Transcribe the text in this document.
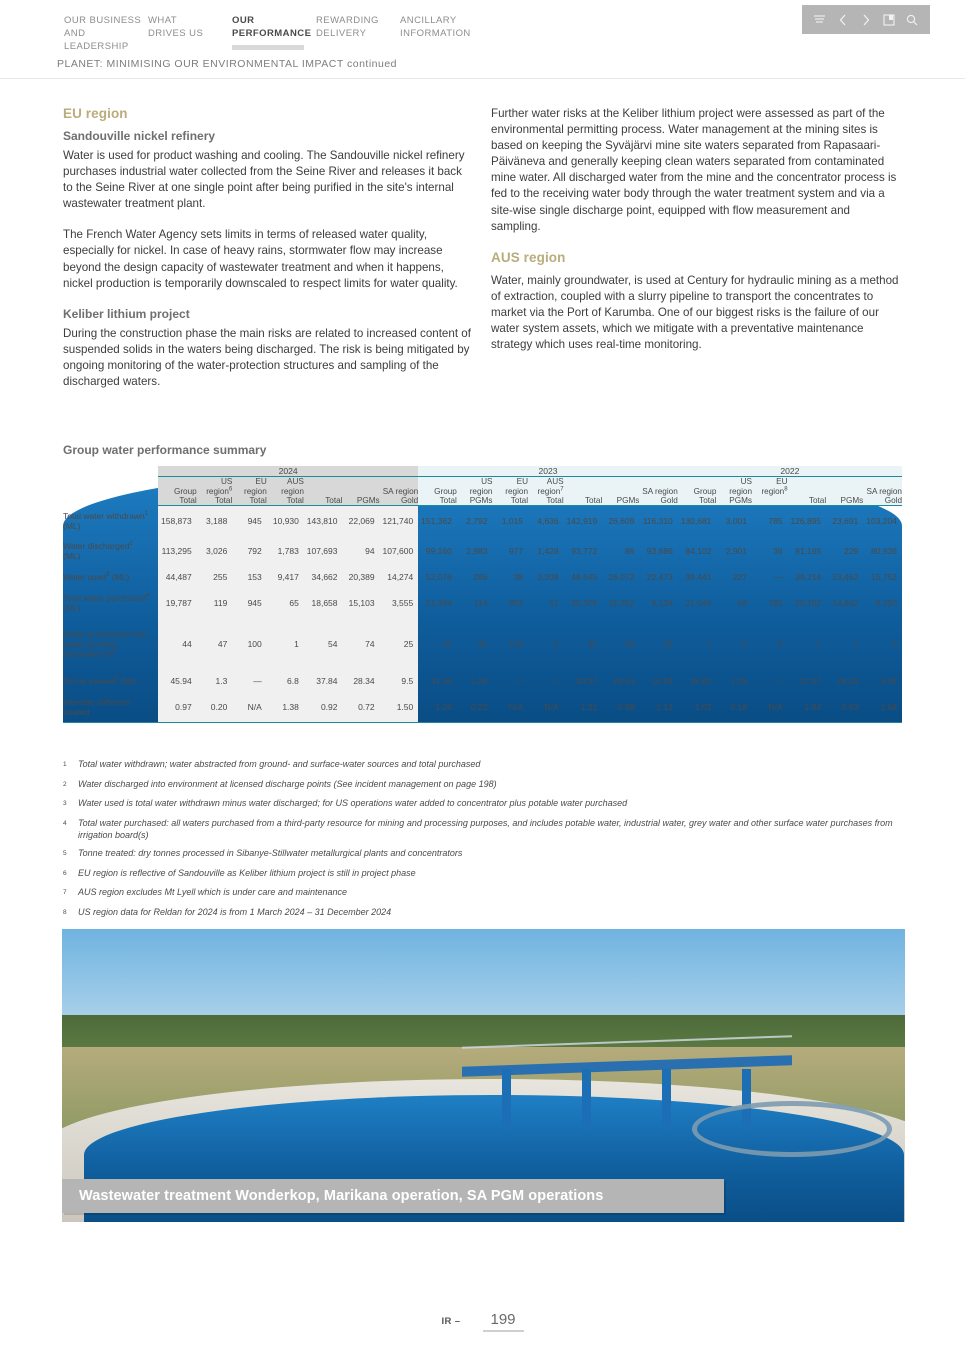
OUR BUSINESS
AND LEADERSHIP
WHAT
DRIVES US
OUR
PERFORMANCE
REWARDING
DELIVERY
ANCILLARY
INFORMATION
PLANET: MINIMISING OUR ENVIRONMENTAL IMPACT continued
EU region
Sandouville nickel refinery

Water is used for product washing and cooling. The Sandouville nickel refinery purchases industrial water collected from the Seine River and releases it back to the Seine River at one single point after being purified in the site's internal wastewater treatment plant.

The French Water Agency sets limits in terms of released water quality, especially for nickel. In case of heavy rains, stormwater flow may increase beyond the design capacity of wastewater treatment and when it happens, nickel production is temporarily downscaled to respect limits for water quality.

Keliber lithium project

During the construction phase the main risks are related to increased content of suspended solids in the waters being discharged. The risk is being mitigated by ongoing monitoring of the water-protection structures and sampling of the discharged waters.

Further water risks at the Keliber lithium project were assessed as part of the environmental permitting process. Water management at the mining sites is based on keeping the Syväjärvi mine site waters separated from Rapasaari-Päiväneva and generally keeping clean waters separated from contaminated mine water. All discharged water from the mine and the concentrator process is fed to the receiving water body through the water treatment system and via a site-wise single discharge point, equipped with flow measurement and sampling.

AUS region

Water, mainly groundwater, is used at Century for hydraulic mining as a method of extraction, coupled with a slurry pipeline to transport the concentrates to market via the Port of Karumba. One of our biggest risks is the failure of our water system assets, which we mitigate with a preventative maintenance strategy which uses real-time monitoring.

Group water performance summary
	2024							2023							2022					
	Group	US region$^6$	EU region	AUS region			SA region	Group	US region	EU region	AUS region$^7$			SA region	Group	US region	EU region$^8$			SA region
	Total	Total	Total	Total	Total	PGMs	Gold	Total	PGMs	Total	Total	Total	PGMs	Gold	Total	PGMs		Total	PGMs	Gold
Total water withdrawn$^1$
(ML)	158,873	3,188	945	10,930	143,810	22,069	121,740	151,362	2,792	1,015	4,636	142,919	26,609	116,310	130,681	3,001	785	126,895	23,691	103,204
Water discharged$^2$ (ML)	113,295	3,026	792	1,783	107,693	94	107,600	99,160	2,983	977	1,428	93,772	86	93,686	84,102	2,901	36	81,165	229	80,936
Water used$^3$ (ML)	44,487	255	153	9,417	34,662	20,389	14,274	52,076	286	38	3,208	48,545	26,072	22,473	39,441	227	—	39,214	23,462	15,752
Total water purchased$^4$
(ML)	19,787	119	945	65	18,658	15,103	3,555	21,394	114	853	51	20,376	15,252	5,124	21,046	69	785	20,192	14,842	5,350
Water purchased from water services authorities %$^5$	44	47	100	1	54	74	25	41	40	100	2	42	58	23	1	0	0	1	1	0
Tonne treated$^5$ (Mt)	45.94	1.3	—	6.8	37.84	28.34	9.5	41.35	1.28	—	—	40.07	29.54	10.53	38.82	1.25	—	37.57	28.22	9.35
Intensity (kl/tonne treated	0.97	0.20	N/A	1.38	0.92	0.72	1.50	1.26	0.22	N/A	N/A	1.21	0.88	2.13	1.02	0.18	N/A	1.04	0.83	1.68
1	Total water withdrawn; water abstracted from ground- and surface-water sources and total purchased
2	Water discharged into environment at licensed discharge points (See incident management on page 198)
3	Water used is total water withdrawn minus water discharged; for US operations water added to concentrator plus potable water purchased
4	Total water purchased: all waters purchased from a third-party resource for mining and processing purposes, and includes potable water, industrial water, grey water and other surface water purchases from irrigation board(s)
5	Tonne treated: dry tonnes processed in Sibanye-Stillwater metallurgical plants and concentrators
6	EU region is reflective of Sandouville as Keliber lithium project is still in project phase
7	AUS region excludes Mt Lyell which is under care and maintenance
8	US region data for Reldan for 2024 is from 1 March 2024 – 31 December 2024
Wastewater treatment Wonderkop, Marikana operation, SA PGM operations
IR –	199
